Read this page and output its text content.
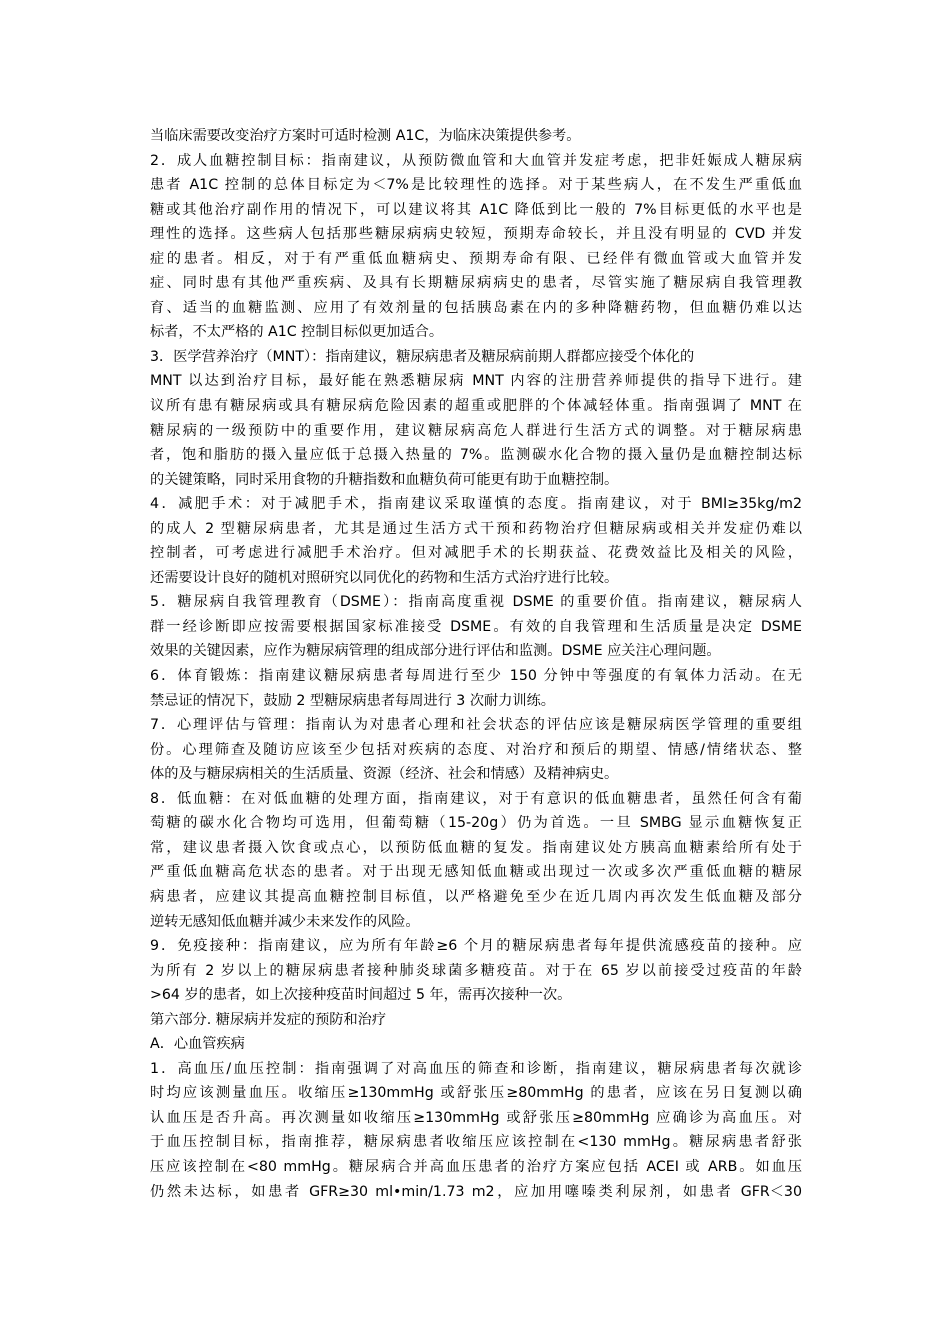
当临床需要改变治疗方案时可适时检测 A1C，为临床决策提供参考。
2．成人血糖控制目标：指南建议，从预防微血管和大血管并发症考虑，把非妊娠成人糖尿病
患者 A1C 控制的总体目标定为＜7%是比较理性的选择。对于某些病人，在不发生严重低血
糖或其他治疗副作用的情况下，可以建议将其 A1C 降低到比一般的 7%目标更低的水平也是
理性的选择。这些病人包括那些糖尿病病史较短，预期寿命较长，并且没有明显的 CVD 并发
症的患者。相反，对于有严重低血糖病史、预期寿命有限、已经伴有微血管或大血管并发
症、同时患有其他严重疾病、及具有长期糖尿病病史的患者，尽管实施了糖尿病自我管理教
育、适当的血糖监测、应用了有效剂量的包括胰岛素在内的多种降糖药物，但血糖仍难以达
标者，不太严格的 A1C 控制目标似更加适合。
3．医学营养治疗（MNT）：指南建议，糖尿病患者及糖尿病前期人群都应接受个体化的
MNT 以达到治疗目标，最好能在熟悉糖尿病 MNT 内容的注册营养师提供的指导下进行。建
议所有患有糖尿病或具有糖尿病危险因素的超重或肥胖的个体减轻体重。指南强调了 MNT 在
糖尿病的一级预防中的重要作用，建议糖尿病高危人群进行生活方式的调整。对于糖尿病患
者，饱和脂肪的摄入量应低于总摄入热量的 7%。监测碳水化合物的摄入量仍是血糖控制达标
的关键策略，同时采用食物的升糖指数和血糖负荷可能更有助于血糖控制。
4．减肥手术：对于减肥手术，指南建议采取谨慎的态度。指南建议，对于 BMI≥35kg/m2
的成人 2 型糖尿病患者，尤其是通过生活方式干预和药物治疗但糖尿病或相关并发症仍难以
控制者，可考虑进行减肥手术治疗。但对减肥手术的长期获益、花费效益比及相关的风险，
还需要设计良好的随机对照研究以同优化的药物和生活方式治疗进行比较。
5．糖尿病自我管理教育（DSME）：指南高度重视 DSME 的重要价值。指南建议，糖尿病人
群一经诊断即应按需要根据国家标准接受 DSME。有效的自我管理和生活质量是决定 DSME
效果的关键因素，应作为糖尿病管理的组成部分进行评估和监测。DSME 应关注心理问题。
6．体育锻炼：指南建议糖尿病患者每周进行至少 150 分钟中等强度的有氧体力活动。在无
禁忌证的情况下，鼓励 2 型糖尿病患者每周进行 3 次耐力训练。
7．心理评估与管理：指南认为对患者心理和社会状态的评估应该是糖尿病医学管理的重要组
份。心理筛查及随访应该至少包括对疾病的态度、对治疗和预后的期望、情感/情绪状态、整
体的及与糖尿病相关的生活质量、资源（经济、社会和情感）及精神病史。
8．低血糖：在对低血糖的处理方面，指南建议，对于有意识的低血糖患者，虽然任何含有葡
萄糖的碳水化合物均可选用，但葡萄糖（15-20g）仍为首选。一旦 SMBG 显示血糖恢复正
常，建议患者摄入饮食或点心，以预防低血糖的复发。指南建议处方胰高血糖素给所有处于
严重低血糖高危状态的患者。对于出现无感知低血糖或出现过一次或多次严重低血糖的糖尿
病患者，应建议其提高血糖控制目标值，以严格避免至少在近几周内再次发生低血糖及部分
逆转无感知低血糖并减少未来发作的风险。
9．免疫接种：指南建议，应为所有年龄≥6 个月的糖尿病患者每年提供流感疫苗的接种。应
为所有 2 岁以上的糖尿病患者接种肺炎球菌多糖疫苗。对于在 65 岁以前接受过疫苗的年龄
>64 岁的患者，如上次接种疫苗时间超过 5 年，需再次接种一次。
第六部分. 糖尿病并发症的预防和治疗
A．心血管疾病
1．高血压/血压控制：指南强调了对高血压的筛查和诊断，指南建议，糖尿病患者每次就诊
时均应该测量血压。收缩压≥130mmHg 或舒张压≥80mmHg 的患者，应该在另日复测以确
认血压是否升高。再次测量如收缩压≥130mmHg 或舒张压≥80mmHg 应确诊为高血压。对
于血压控制目标，指南推荐，糖尿病患者收缩压应该控制在<130 mmHg。糖尿病患者舒张
压应该控制在<80 mmHg。糖尿病合并高血压患者的治疗方案应包括 ACEI 或 ARB。如血压
仍然未达标，如患者 GFR≥30 ml•min/1.73 m2，应加用噻嗪类利尿剂，如患者 GFR＜30
